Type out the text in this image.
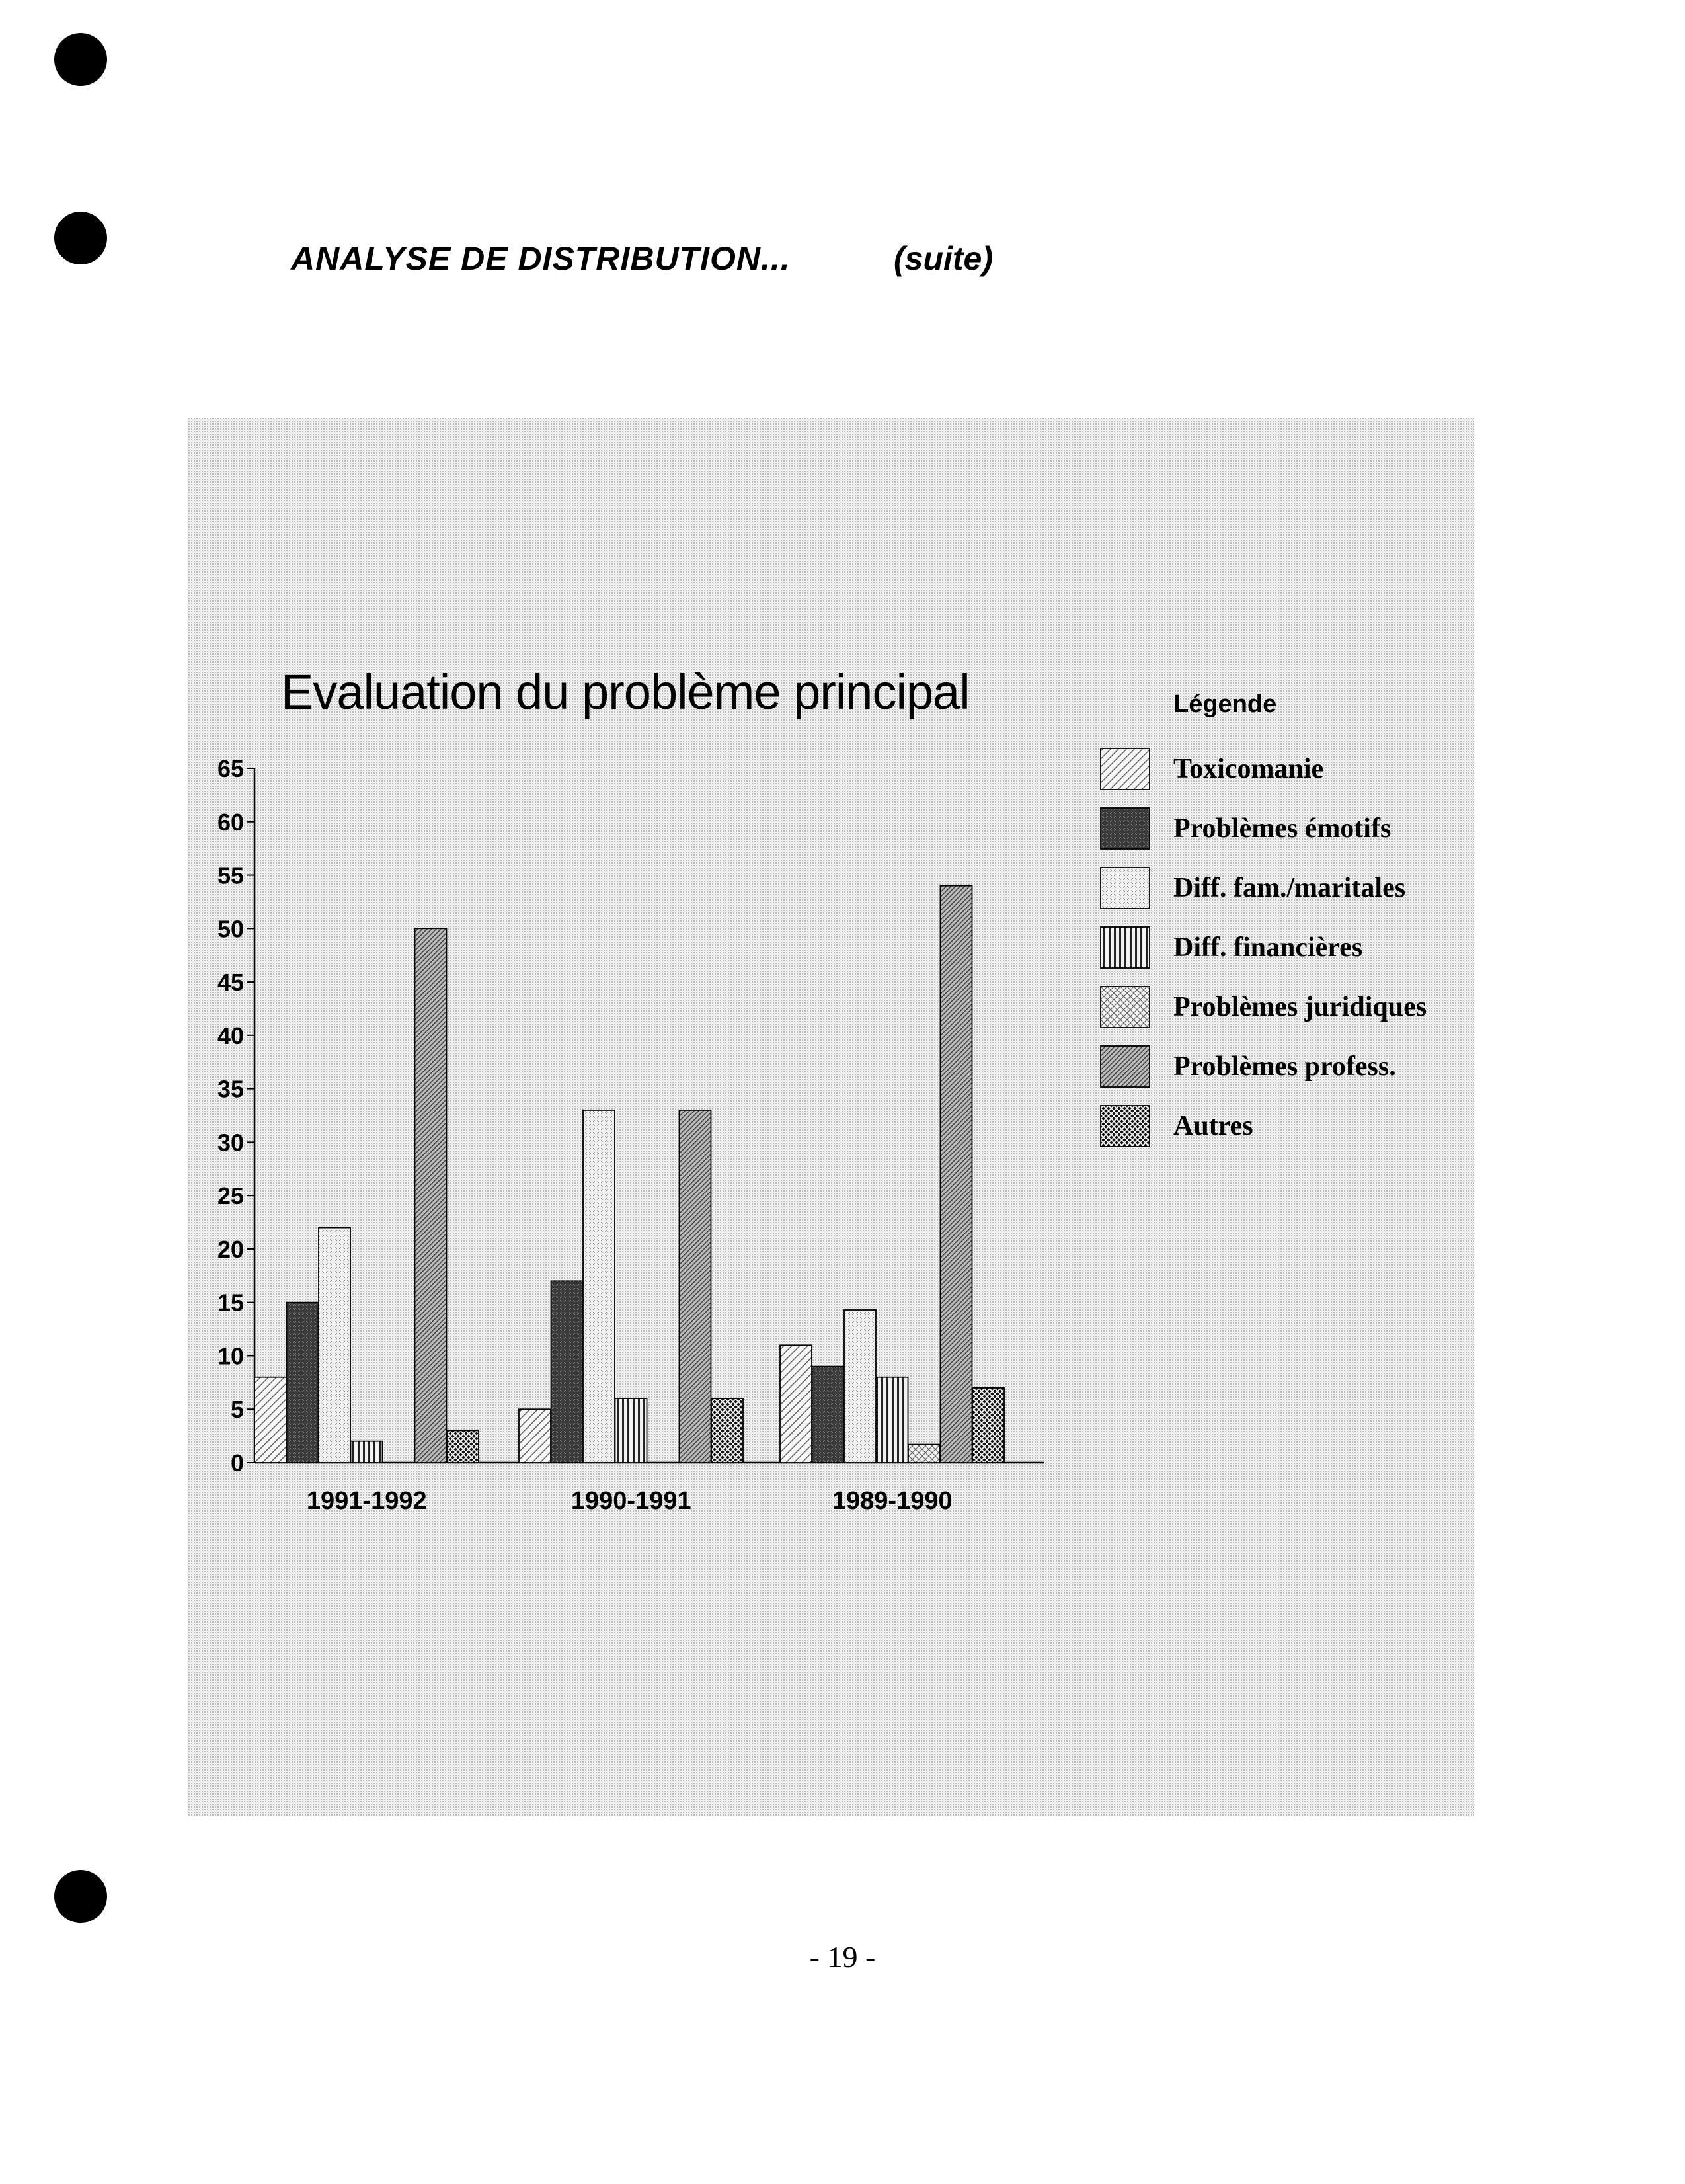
ANALYSE DE DISTRIBUTION...	(suite)
Evaluation du problème principal
0
5
10
15
20
25
30
35
40
45
50
55
60
65
1991-1992	1990-1991	1989-1990
Légende
Toxicomanie
Problèmes émotifs
Diff. fam./maritales
Diff. financières
Problèmes juridiques
Problèmes profess.
Autres
- 19 -
